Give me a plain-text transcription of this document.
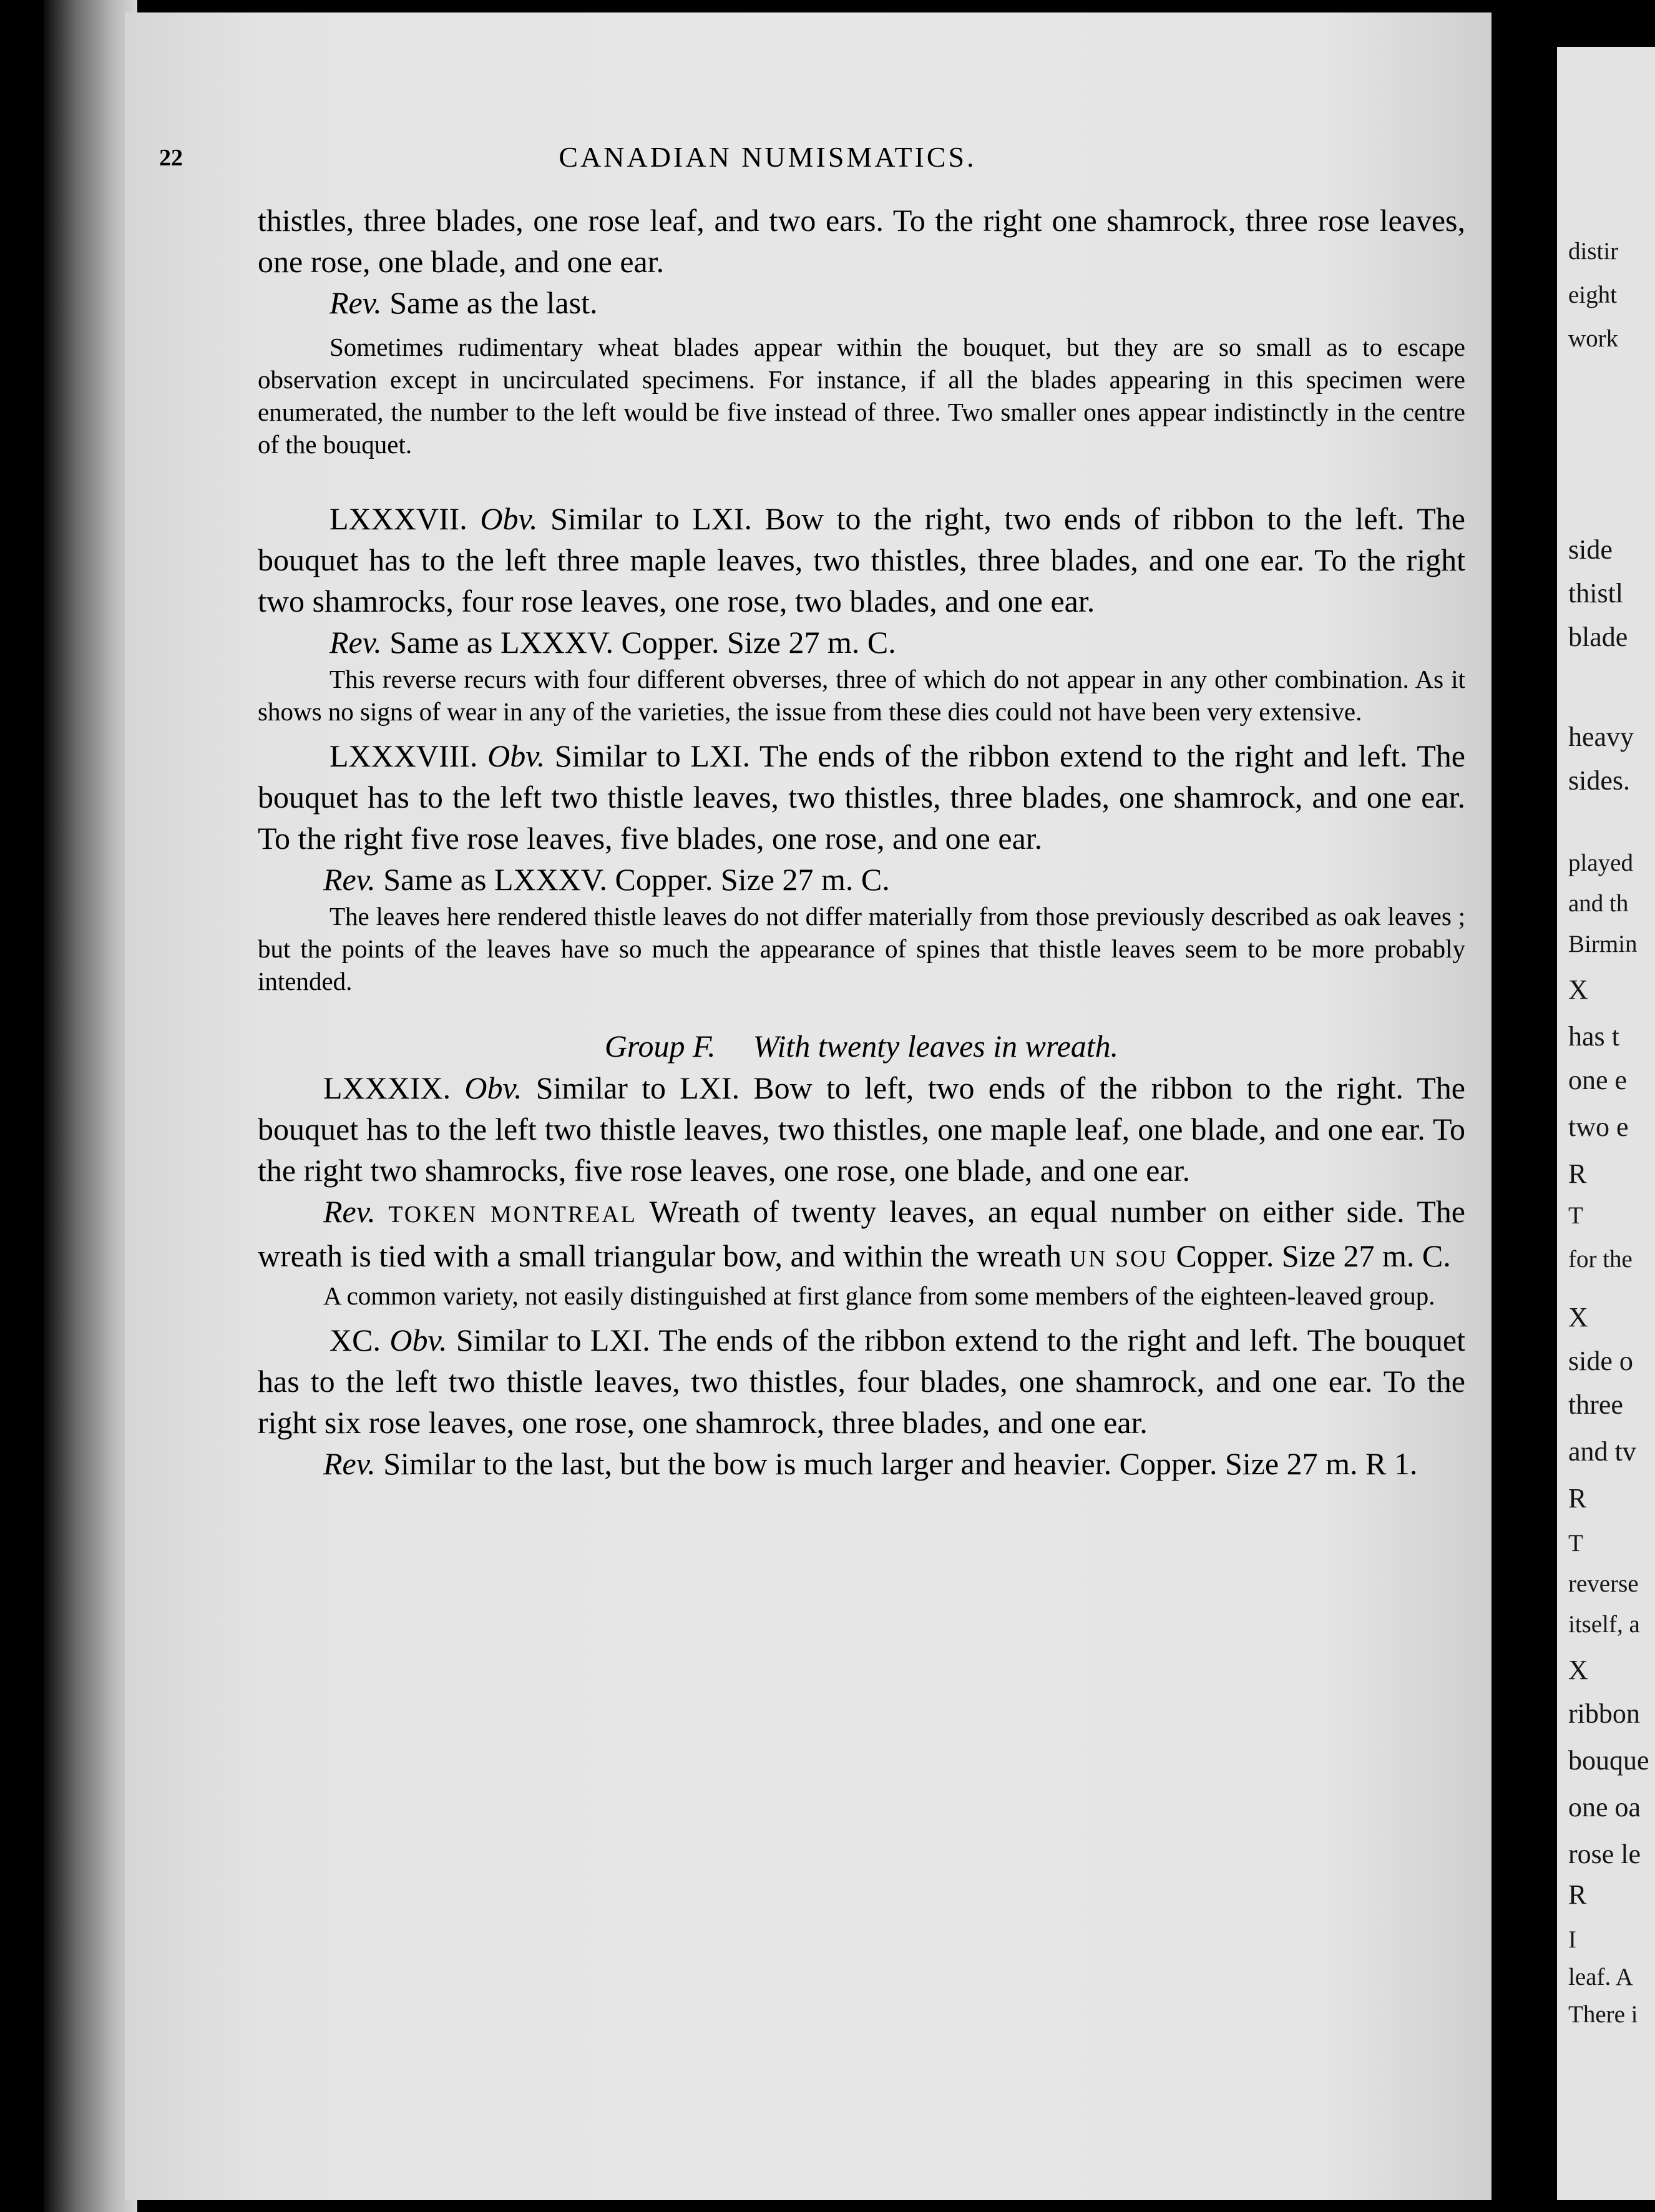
22	CANADIAN NUMISMATICS.

thistles, three blades, one rose leaf, and two ears. To the right one shamrock, three rose leaves, one rose, one blade, and one ear.

Rev. Same as the last.

Sometimes rudimentary wheat blades appear within the bouquet, but they are so small as to escape observation except in uncirculated specimens. For instance, if all the blades appearing in this specimen were enumerated, the number to the left would be five instead of three. Two smaller ones appear indistinctly in the centre of the bouquet.

LXXXVII. Obv. Similar to LXI. Bow to the right, two ends of ribbon to the left. The bouquet has to the left three maple leaves, two thistles, three blades, and one ear. To the right two shamrocks, four rose leaves, one rose, two blades, and one ear.

Rev. Same as LXXXV. Copper. Size 27 m. C.

This reverse recurs with four different obverses, three of which do not appear in any other combination. As it shows no signs of wear in any of the varieties, the issue from these dies could not have been very extensive.

LXXXVIII. Obv. Similar to LXI. The ends of the ribbon extend to the right and left. The bouquet has to the left two thistle leaves, two thistles, three blades, one shamrock, and one ear. To the right five rose leaves, five blades, one rose, and one ear.

Rev. Same as LXXXV. Copper. Size 27 m. C.

The leaves here rendered thistle leaves do not differ materially from those previously described as oak leaves ; but the points of the leaves have so much the appearance of spines that thistle leaves seem to be more probably intended.

Group F. With twenty leaves in wreath.

LXXXIX. Obv. Similar to LXI. Bow to left, two ends of the ribbon to the right. The bouquet has to the left two thistle leaves, two thistles, one maple leaf, one blade, and one ear. To the right two shamrocks, five rose leaves, one rose, one blade, and one ear.

Rev. TOKEN MONTREAL Wreath of twenty leaves, an equal number on either side. The wreath is tied with a small triangular bow, and within the wreath UN SOU Copper. Size 27 m. C.

A common variety, not easily distinguished at first glance from some members of the eighteen-leaved group.

XC. Obv. Similar to LXI. The ends of the ribbon extend to the right and left. The bouquet has to the left two thistle leaves, two thistles, four blades, one shamrock, and one ear. To the right six rose leaves, one rose, one shamrock, three blades, and one ear.

Rev. Similar to the last, but the bow is much larger and heavier. Copper. Size 27 m. R 1.

distir
eight
work
side
thistl
blade
heavy
sides.
played
and th
Birmin
X
has t
one e
two e
R
T
for the
X
side o
three
and tv
R
T
reverse
itself, a
X
ribbon
bouque
one oa
rose le
R
I
leaf. A
There i
